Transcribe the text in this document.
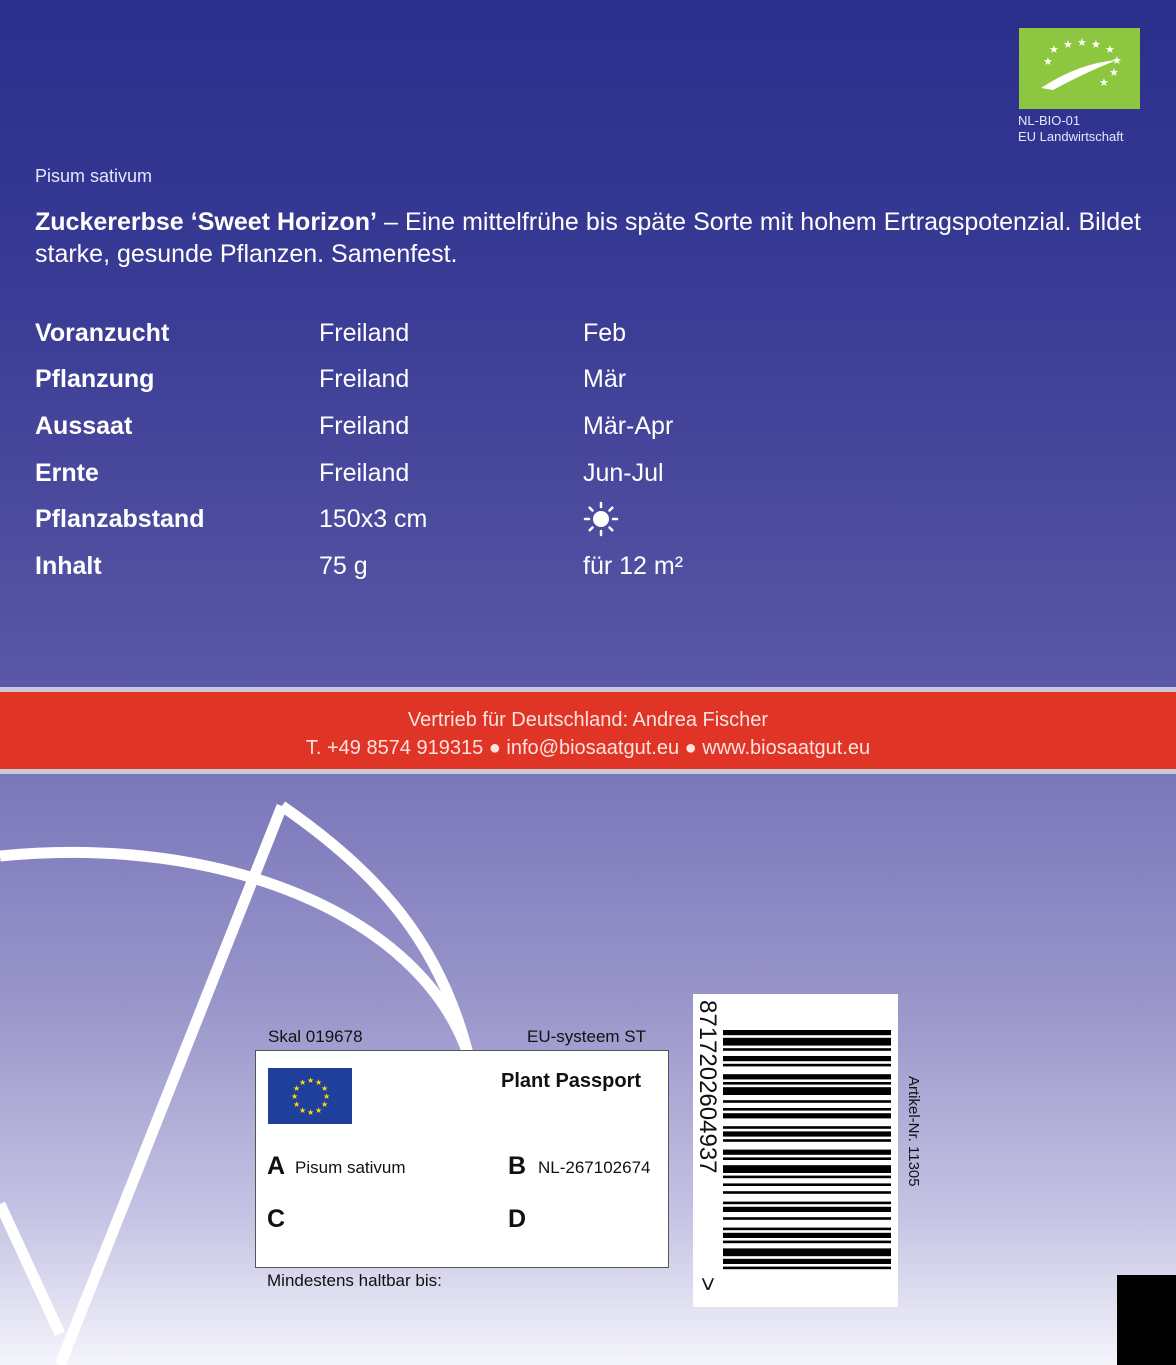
★ ★ ★ ★ ★
★
★
★
★
NL-BIO-01
EU Landwirtschaft
Pisum sativum
Zuckererbse ‘Sweet Horizon’ – Eine mittelfrühe bis späte Sorte mit hohem Ertragspotenzial. Bildet starke, gesunde Pflanzen. Samenfest.
Voranzucht	Freiland	Feb
Pflanzung	Freiland	Mär
Aussaat	Freiland	Mär-Apr
Ernte	Freiland	Jun-Jul
Pflanzabstand	150x3 cm
Inhalt	75 g	für 12 m²
Vertrieb für Deutschland: Andrea Fischer
T. +49 8574 919315 ● info@biosaatgut.eu ● www.biosaatgut.eu
Skal 019678	EU-systeem ST
★ ★
★
★
★
★
★
★
★
★
★
★	Plant Passport
A Pisum sativum	B NL-267102674
C	D
Mindestens haltbar bis:
8717202604937
>
Artikel-Nr. 11305
